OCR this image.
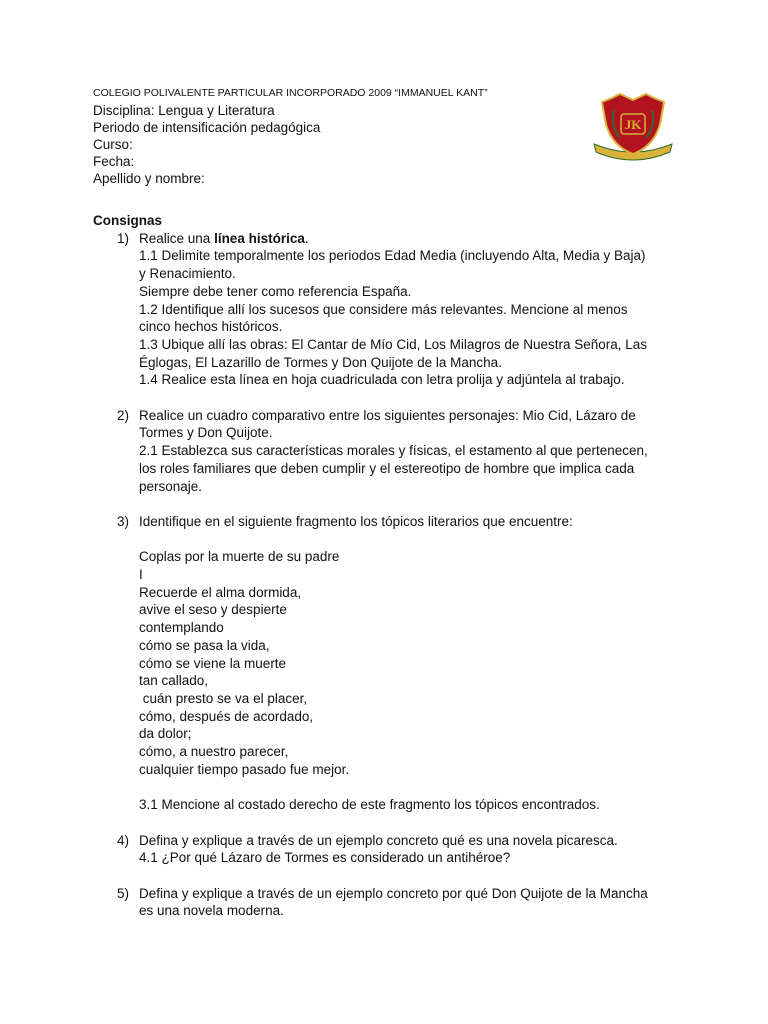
COLEGIO POLIVALENTE PARTICULAR INCORPORADO 2009 “IMMANUEL KANT”
Disciplina: Lengua y Literatura
Periodo de intensificación pedagógica
Curso:
Fecha:
Apellido y nombre:
JK
Consignas
1) Realice una línea histórica.

1.1 Delimite temporalmente los periodos Edad Media (incluyendo Alta, Media y Baja)

y Renacimiento.

Siempre debe tener como referencia España.

1.2 Identifique allí los sucesos que considere más relevantes. Mencione al menos

cinco hechos históricos.

1.3 Ubique allí las obras: El Cantar de Mío Cid, Los Milagros de Nuestra Señora, Las

Églogas, El Lazarillo de Tormes y Don Quijote de la Mancha.

1.4 Realice esta línea en hoja cuadriculada con letra prolija y adjúntela al trabajo.

2) Realice un cuadro comparativo entre los siguientes personajes: Mio Cid, Lázaro de

Tormes y Don Quijote.

2.1 Establezca sus características morales y físicas, el estamento al que pertenecen,

los roles familiares que deben cumplir y el estereotipo de hombre que implica cada

personaje.

3) Identifique en el siguiente fragmento los tópicos literarios que encuentre:

Coplas por la muerte de su padre

I

Recuerde el alma dormida,

avive el seso y despierte

contemplando

cómo se pasa la vida,

cómo se viene la muerte

tan callado,

cuán presto se va el placer,

cómo, después de acordado,

da dolor;

cómo, a nuestro parecer,

cualquier tiempo pasado fue mejor.

3.1 Mencione al costado derecho de este fragmento los tópicos encontrados.

4) Defina y explique a través de un ejemplo concreto qué es una novela picaresca.

4.1 ¿Por qué Lázaro de Tormes es considerado un antihéroe?

5) Defina y explique a través de un ejemplo concreto por qué Don Quijote de la Mancha

es una novela moderna.
